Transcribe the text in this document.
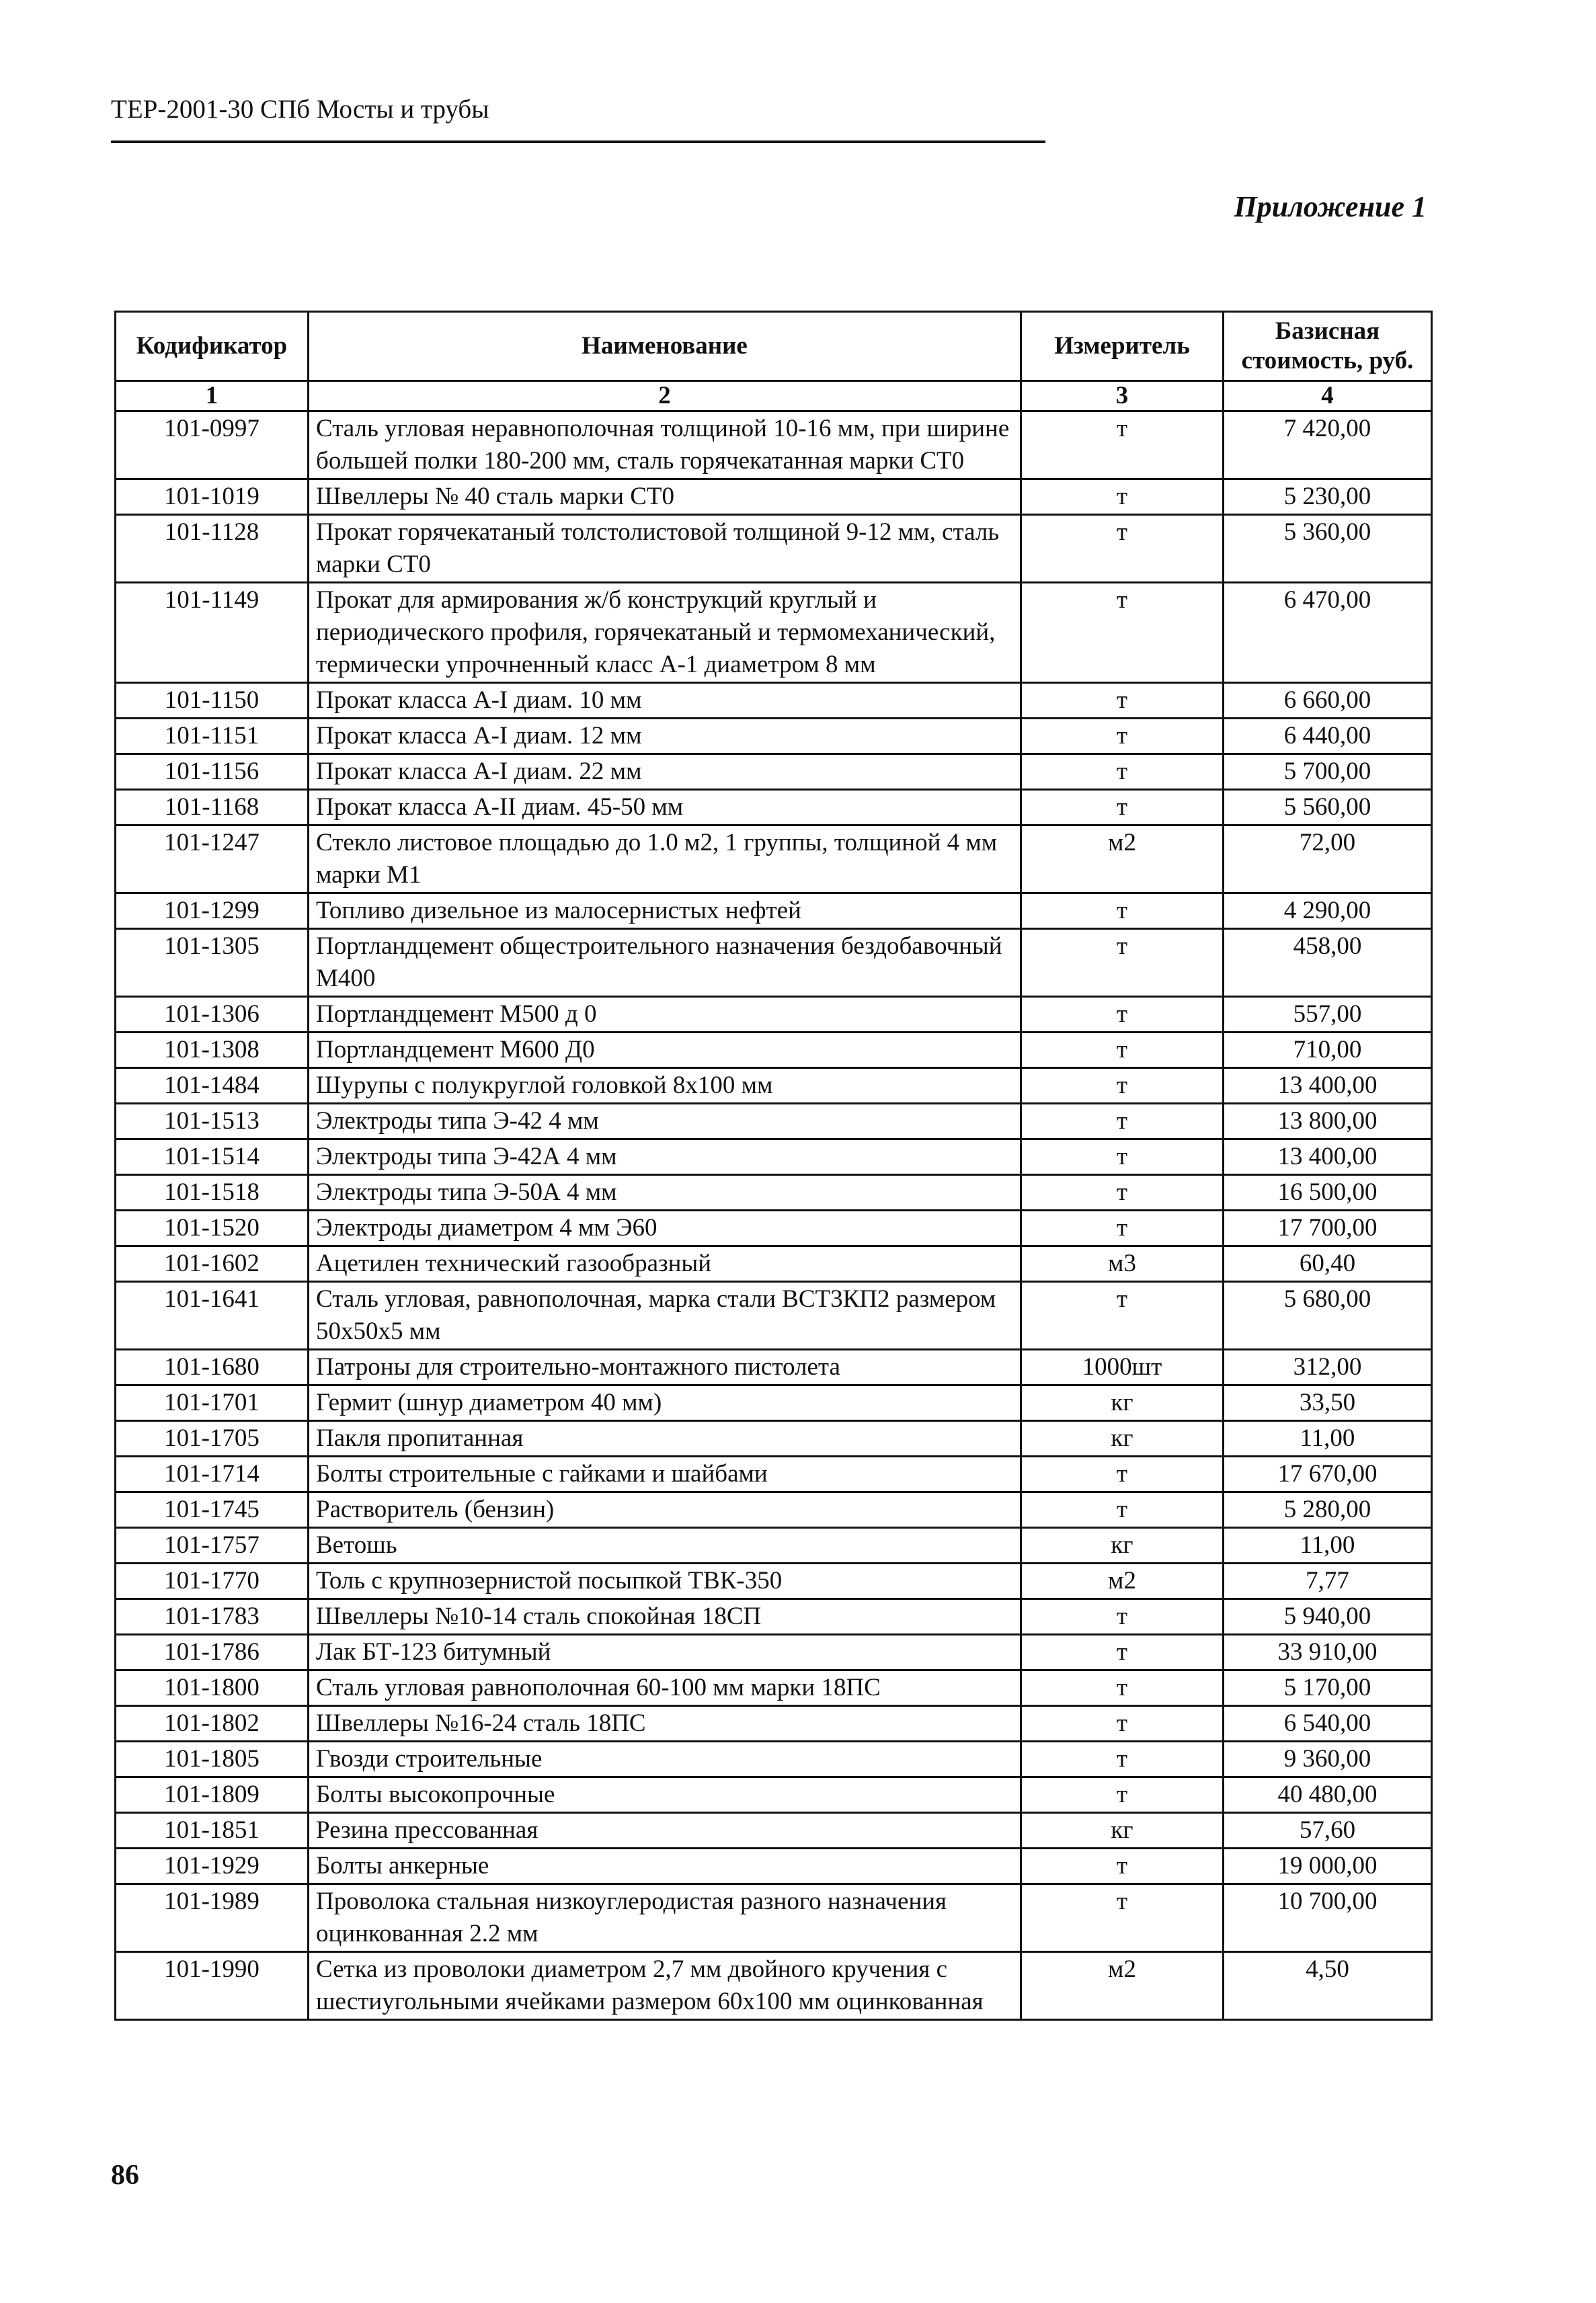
ТЕР-2001-30 СПб Мосты и трубы
Приложение 1
Кодификатор	Наименование	Измеритель	Базисная стоимость, руб.
1	2	3	4
101-0997	Сталь угловая неравнополочная толщиной 10-16 мм, при ширине большей полки 180-200 мм, сталь горячекатанная марки СТ0	т	7 420,00
101-1019	Швеллеры № 40 сталь марки СТ0	т	5 230,00
101-1128	Прокат горячекатаный толстолистовой толщиной 9-12 мм, сталь марки СТ0	т	5 360,00
101-1149	Прокат для армирования ж/б конструкций круглый и периодического профиля, горячекатаный и термомеханический, термически упрочненный класс А-1 диаметром 8 мм	т	6 470,00
101-1150	Прокат класса А-I диам. 10 мм	т	6 660,00
101-1151	Прокат класса А-I диам. 12 мм	т	6 440,00
101-1156	Прокат класса А-I диам. 22 мм	т	5 700,00
101-1168	Прокат класса А-II диам. 45-50 мм	т	5 560,00
101-1247	Стекло листовое площадью до 1.0 м2, 1 группы, толщиной 4 мм марки М1	м2	72,00
101-1299	Топливо дизельное из малосернистых нефтей	т	4 290,00
101-1305	Портландцемент общестроительного назначения бездобавочный М400	т	458,00
101-1306	Портландцемент М500 д 0	т	557,00
101-1308	Портландцемент М600 Д0	т	710,00
101-1484	Шурупы с полукруглой головкой 8х100 мм	т	13 400,00
101-1513	Электроды типа Э-42 4 мм	т	13 800,00
101-1514	Электроды типа Э-42А 4 мм	т	13 400,00
101-1518	Электроды типа Э-50А 4 мм	т	16 500,00
101-1520	Электроды диаметром 4 мм Э60	т	17 700,00
101-1602	Ацетилен технический газообразный	м3	60,40
101-1641	Сталь угловая, равнополочная, марка стали ВСТ3КП2 размером 50х50х5 мм	т	5 680,00
101-1680	Патроны для строительно-монтажного пистолета	1000шт	312,00
101-1701	Гермит (шнур диаметром 40 мм)	кг	33,50
101-1705	Пакля пропитанная	кг	11,00
101-1714	Болты строительные с гайками и шайбами	т	17 670,00
101-1745	Растворитель (бензин)	т	5 280,00
101-1757	Ветошь	кг	11,00
101-1770	Толь с крупнозернистой посыпкой ТВК-350	м2	7,77
101-1783	Швеллеры №10-14 сталь спокойная 18СП	т	5 940,00
101-1786	Лак БТ-123 битумный	т	33 910,00
101-1800	Сталь угловая равнополочная 60-100 мм марки 18ПС	т	5 170,00
101-1802	Швеллеры №16-24 сталь 18ПС	т	6 540,00
101-1805	Гвозди строительные	т	9 360,00
101-1809	Болты высокопрочные	т	40 480,00
101-1851	Резина прессованная	кг	57,60
101-1929	Болты анкерные	т	19 000,00
101-1989	Проволока стальная низкоуглеродистая разного назначения оцинкованная 2.2 мм	т	10 700,00
101-1990	Сетка из проволоки диаметром 2,7 мм двойного кручения с шестиугольными ячейками размером 60х100 мм оцинкованная	м2	4,50
86
